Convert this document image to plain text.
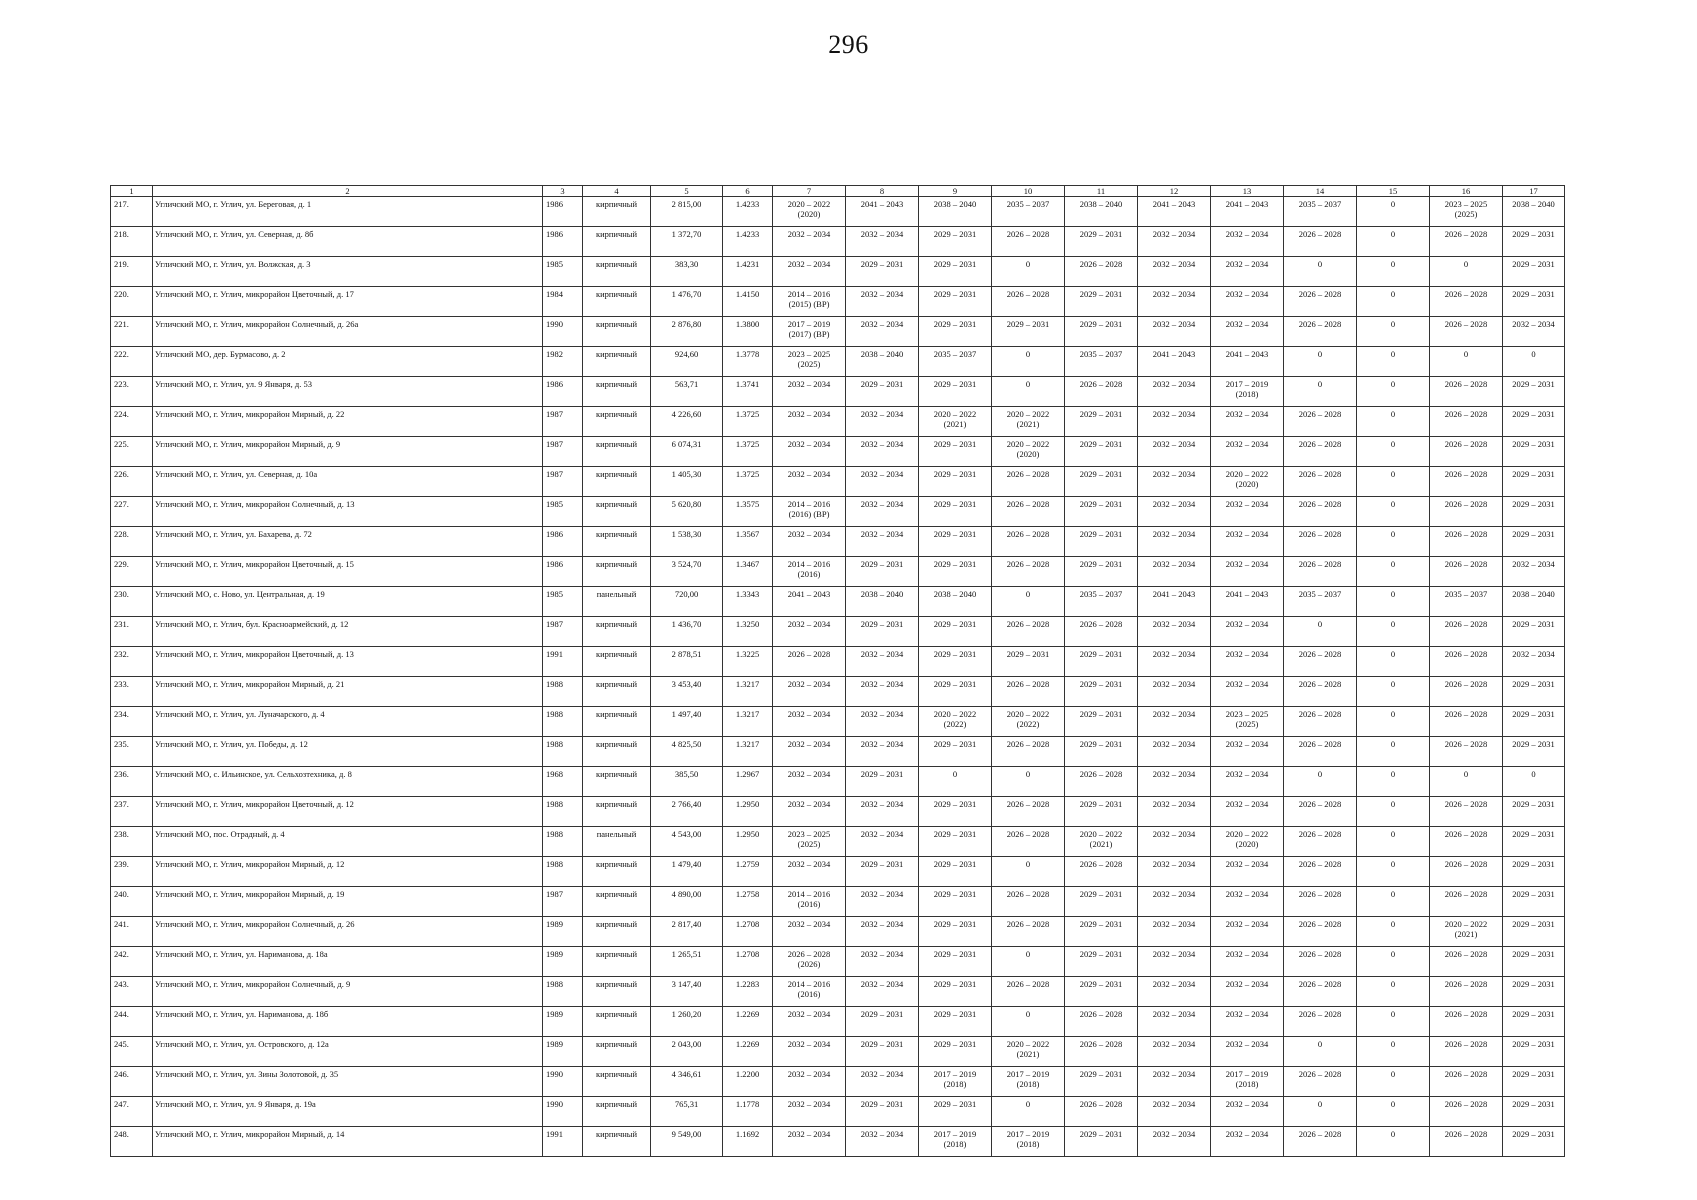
296
1	2	3	4	5	6	7	8	9	10	11	12	13	14	15	16	17
217.	Угличский МО, г. Углич, ул. Береговая, д. 1	1986	кирпичный	2 815,00	1.4233	2020 – 2022
(2020)	2041 – 2043	2038 – 2040	2035 – 2037	2038 – 2040	2041 – 2043	2041 – 2043	2035 – 2037	0	2023 – 2025
(2025)	2038 – 2040
218.	Угличский МО, г. Углич, ул. Северная, д. 8б	1986	кирпичный	1 372,70	1.4233	2032 – 2034	2032 – 2034	2029 – 2031	2026 – 2028	2029 – 2031	2032 – 2034	2032 – 2034	2026 – 2028	0	2026 – 2028	2029 – 2031
219.	Угличский МО, г. Углич, ул. Волжская, д. 3	1985	кирпичный	383,30	1.4231	2032 – 2034	2029 – 2031	2029 – 2031	0	2026 – 2028	2032 – 2034	2032 – 2034	0	0	0	2029 – 2031
220.	Угличский МО, г. Углич, микрорайон Цветочный, д. 17	1984	кирпичный	1 476,70	1.4150	2014 – 2016
(2015) (ВР)	2032 – 2034	2029 – 2031	2026 – 2028	2029 – 2031	2032 – 2034	2032 – 2034	2026 – 2028	0	2026 – 2028	2029 – 2031
221.	Угличский МО, г. Углич, микрорайон Солнечный, д. 26а	1990	кирпичный	2 876,80	1.3800	2017 – 2019
(2017) (ВР)	2032 – 2034	2029 – 2031	2029 – 2031	2029 – 2031	2032 – 2034	2032 – 2034	2026 – 2028	0	2026 – 2028	2032 – 2034
222.	Угличский МО, дер. Бурмасово, д. 2	1982	кирпичный	924,60	1.3778	2023 – 2025
(2025)	2038 – 2040	2035 – 2037	0	2035 – 2037	2041 – 2043	2041 – 2043	0	0	0	0
223.	Угличский МО, г. Углич, ул. 9 Января, д. 53	1986	кирпичный	563,71	1.3741	2032 – 2034	2029 – 2031	2029 – 2031	0	2026 – 2028	2032 – 2034	2017 – 2019
(2018)	0	0	2026 – 2028	2029 – 2031
224.	Угличский МО, г. Углич, микрорайон Мирный, д. 22	1987	кирпичный	4 226,60	1.3725	2032 – 2034	2032 – 2034	2020 – 2022
(2021)	2020 – 2022
(2021)	2029 – 2031	2032 – 2034	2032 – 2034	2026 – 2028	0	2026 – 2028	2029 – 2031
225.	Угличский МО, г. Углич, микрорайон Мирный, д. 9	1987	кирпичный	6 074,31	1.3725	2032 – 2034	2032 – 2034	2029 – 2031	2020 – 2022
(2020)	2029 – 2031	2032 – 2034	2032 – 2034	2026 – 2028	0	2026 – 2028	2029 – 2031
226.	Угличский МО, г. Углич, ул. Северная, д. 10а	1987	кирпичный	1 405,30	1.3725	2032 – 2034	2032 – 2034	2029 – 2031	2026 – 2028	2029 – 2031	2032 – 2034	2020 – 2022
(2020)	2026 – 2028	0	2026 – 2028	2029 – 2031
227.	Угличский МО, г. Углич, микрорайон Солнечный, д. 13	1985	кирпичный	5 620,80	1.3575	2014 – 2016
(2016) (ВР)	2032 – 2034	2029 – 2031	2026 – 2028	2029 – 2031	2032 – 2034	2032 – 2034	2026 – 2028	0	2026 – 2028	2029 – 2031
228.	Угличский МО, г. Углич, ул. Бахарева, д. 72	1986	кирпичный	1 538,30	1.3567	2032 – 2034	2032 – 2034	2029 – 2031	2026 – 2028	2029 – 2031	2032 – 2034	2032 – 2034	2026 – 2028	0	2026 – 2028	2029 – 2031
229.	Угличский МО, г. Углич, микрорайон Цветочный, д. 15	1986	кирпичный	3 524,70	1.3467	2014 – 2016
(2016)	2029 – 2031	2029 – 2031	2026 – 2028	2029 – 2031	2032 – 2034	2032 – 2034	2026 – 2028	0	2026 – 2028	2032 – 2034
230.	Угличский МО, с. Ново, ул. Центральная, д. 19	1985	панельный	720,00	1.3343	2041 – 2043	2038 – 2040	2038 – 2040	0	2035 – 2037	2041 – 2043	2041 – 2043	2035 – 2037	0	2035 – 2037	2038 – 2040
231.	Угличский МО, г. Углич, бул. Красноармейский, д. 12	1987	кирпичный	1 436,70	1.3250	2032 – 2034	2029 – 2031	2029 – 2031	2026 – 2028	2026 – 2028	2032 – 2034	2032 – 2034	0	0	2026 – 2028	2029 – 2031
232.	Угличский МО, г. Углич, микрорайон Цветочный, д. 13	1991	кирпичный	2 878,51	1.3225	2026 – 2028	2032 – 2034	2029 – 2031	2029 – 2031	2029 – 2031	2032 – 2034	2032 – 2034	2026 – 2028	0	2026 – 2028	2032 – 2034
233.	Угличский МО, г. Углич, микрорайон Мирный, д. 21	1988	кирпичный	3 453,40	1.3217	2032 – 2034	2032 – 2034	2029 – 2031	2026 – 2028	2029 – 2031	2032 – 2034	2032 – 2034	2026 – 2028	0	2026 – 2028	2029 – 2031
234.	Угличский МО, г. Углич, ул. Луначарского, д. 4	1988	кирпичный	1 497,40	1.3217	2032 – 2034	2032 – 2034	2020 – 2022
(2022)	2020 – 2022
(2022)	2029 – 2031	2032 – 2034	2023 – 2025
(2025)	2026 – 2028	0	2026 – 2028	2029 – 2031
235.	Угличский МО, г. Углич, ул. Победы, д. 12	1988	кирпичный	4 825,50	1.3217	2032 – 2034	2032 – 2034	2029 – 2031	2026 – 2028	2029 – 2031	2032 – 2034	2032 – 2034	2026 – 2028	0	2026 – 2028	2029 – 2031
236.	Угличский МО, с. Ильинское, ул. Сельхозтехника, д. 8	1968	кирпичный	385,50	1.2967	2032 – 2034	2029 – 2031	0	0	2026 – 2028	2032 – 2034	2032 – 2034	0	0	0	0
237.	Угличский МО, г. Углич, микрорайон Цветочный, д. 12	1988	кирпичный	2 766,40	1.2950	2032 – 2034	2032 – 2034	2029 – 2031	2026 – 2028	2029 – 2031	2032 – 2034	2032 – 2034	2026 – 2028	0	2026 – 2028	2029 – 2031
238.	Угличский МО, пос. Отрадный, д. 4	1988	панельный	4 543,00	1.2950	2023 – 2025
(2025)	2032 – 2034	2029 – 2031	2026 – 2028	2020 – 2022
(2021)	2032 – 2034	2020 – 2022
(2020)	2026 – 2028	0	2026 – 2028	2029 – 2031
239.	Угличский МО, г. Углич, микрорайон Мирный, д. 12	1988	кирпичный	1 479,40	1.2759	2032 – 2034	2029 – 2031	2029 – 2031	0	2026 – 2028	2032 – 2034	2032 – 2034	2026 – 2028	0	2026 – 2028	2029 – 2031
240.	Угличский МО, г. Углич, микрорайон Мирный, д. 19	1987	кирпичный	4 890,00	1.2758	2014 – 2016
(2016)	2032 – 2034	2029 – 2031	2026 – 2028	2029 – 2031	2032 – 2034	2032 – 2034	2026 – 2028	0	2026 – 2028	2029 – 2031
241.	Угличский МО, г. Углич, микрорайон Солнечный, д. 26	1989	кирпичный	2 817,40	1.2708	2032 – 2034	2032 – 2034	2029 – 2031	2026 – 2028	2029 – 2031	2032 – 2034	2032 – 2034	2026 – 2028	0	2020 – 2022
(2021)	2029 – 2031
242.	Угличский МО, г. Углич, ул. Нариманова, д. 18а	1989	кирпичный	1 265,51	1.2708	2026 – 2028
(2026)	2032 – 2034	2029 – 2031	0	2029 – 2031	2032 – 2034	2032 – 2034	2026 – 2028	0	2026 – 2028	2029 – 2031
243.	Угличский МО, г. Углич, микрорайон Солнечный, д. 9	1988	кирпичный	3 147,40	1.2283	2014 – 2016
(2016)	2032 – 2034	2029 – 2031	2026 – 2028	2029 – 2031	2032 – 2034	2032 – 2034	2026 – 2028	0	2026 – 2028	2029 – 2031
244.	Угличский МО, г. Углич, ул. Нариманова, д. 18б	1989	кирпичный	1 260,20	1.2269	2032 – 2034	2029 – 2031	2029 – 2031	0	2026 – 2028	2032 – 2034	2032 – 2034	2026 – 2028	0	2026 – 2028	2029 – 2031
245.	Угличский МО, г. Углич, ул. Островского, д. 12а	1989	кирпичный	2 043,00	1.2269	2032 – 2034	2029 – 2031	2029 – 2031	2020 – 2022
(2021)	2026 – 2028	2032 – 2034	2032 – 2034	0	0	2026 – 2028	2029 – 2031
246.	Угличский МО, г. Углич, ул. Зины Золотовой, д. 35	1990	кирпичный	4 346,61	1.2200	2032 – 2034	2032 – 2034	2017 – 2019
(2018)	2017 – 2019
(2018)	2029 – 2031	2032 – 2034	2017 – 2019
(2018)	2026 – 2028	0	2026 – 2028	2029 – 2031
247.	Угличский МО, г. Углич, ул. 9 Января, д. 19а	1990	кирпичный	765,31	1.1778	2032 – 2034	2029 – 2031	2029 – 2031	0	2026 – 2028	2032 – 2034	2032 – 2034	0	0	2026 – 2028	2029 – 2031
248.	Угличский МО, г. Углич, микрорайон Мирный, д. 14	1991	кирпичный	9 549,00	1.1692	2032 – 2034	2032 – 2034	2017 – 2019
(2018)	2017 – 2019
(2018)	2029 – 2031	2032 – 2034	2032 – 2034	2026 – 2028	0	2026 – 2028	2029 – 2031
